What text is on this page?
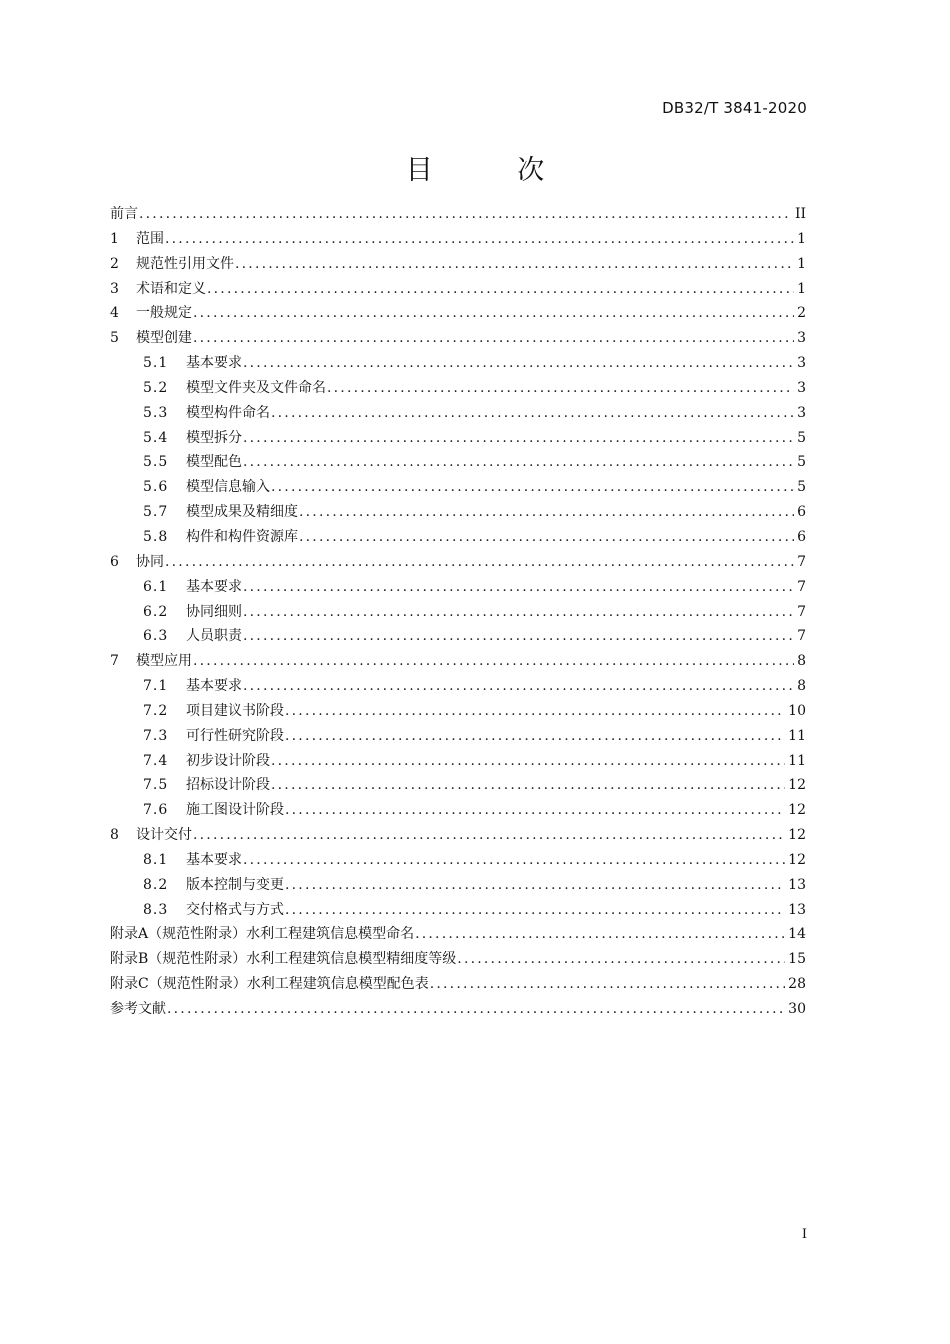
DB32/T 3841-2020
目 次
前言 .....	II
1	范围 .....	1
2	规范性引用文件 .....	1
3	术语和定义 .....	1
4	一般规定 .....	2
5	模型创建 .....	3
5.1	基本要求 .....	3
5.2	模型文件夹及文件命名 .....	3
5.3	模型构件命名 .....	3
5.4	模型拆分 .....	5
5.5	模型配色 .....	5
5.6	模型信息输入 .....	5
5.7	模型成果及精细度 .....	6
5.8	构件和构件资源库 .....	6
6	协同 .....	7
6.1	基本要求 .....	7
6.2	协同细则 .....	7
6.3	人员职责 .....	7
7	模型应用 .....	8
7.1	基本要求 .....	8
7.2	项目建议书阶段 .....	10
7.3	可行性研究阶段 .....	11
7.4	初步设计阶段 .....	11
7.5	招标设计阶段 .....	12
7.6	施工图设计阶段 .....	12
8	设计交付 .....	12
8.1	基本要求 .....	12
8.2	版本控制与变更 .....	13
8.3	交付格式与方式 .....	13
附录A（规范性附录）水利工程建筑信息模型命名 .....	14
附录B（规范性附录）水利工程建筑信息模型精细度等级 .....	15
附录C（规范性附录）水利工程建筑信息模型配色表 .....	28
参考文献 .....	30
I
